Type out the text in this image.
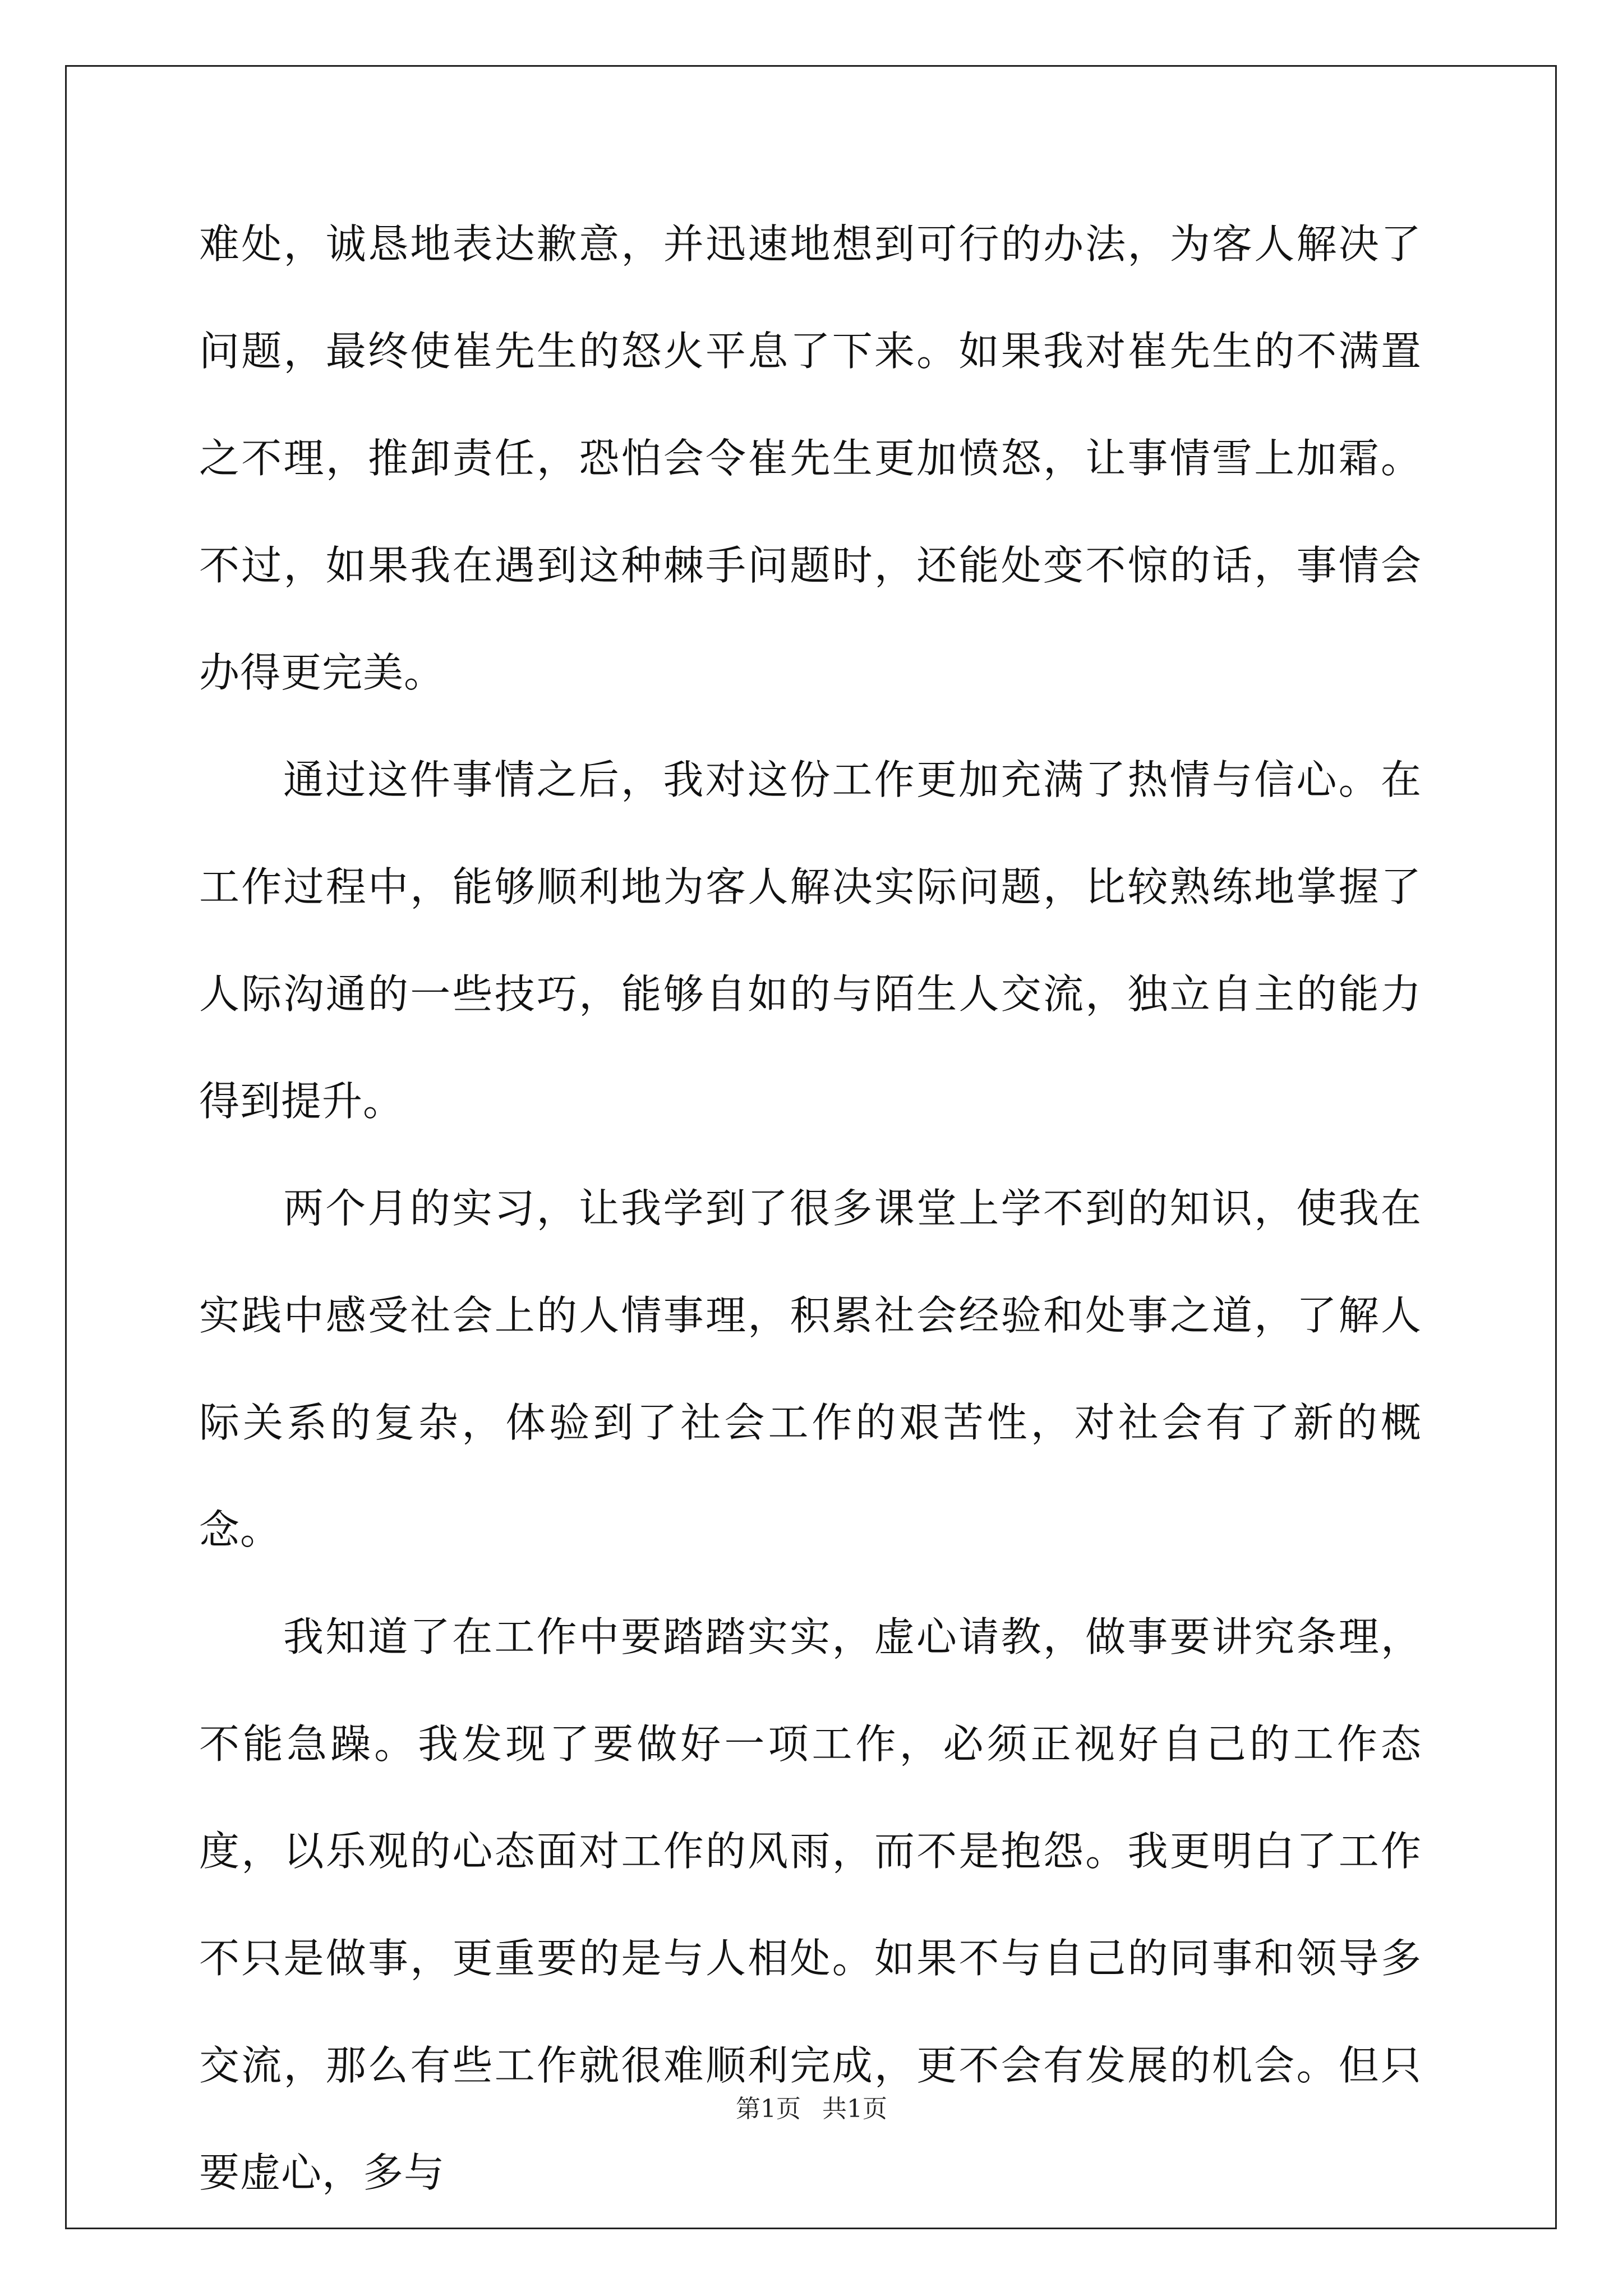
难处，诚恳地表达歉意，并迅速地想到可行的办法，为客人解决了问题，最终使崔先生的怒火平息了下来。如果我对崔先生的不满置之不理，推卸责任，恐怕会令崔先生更加愤怒，让事情雪上加霜。不过，如果我在遇到这种棘手问题时，还能处变不惊的话，事情会办得更完美。

通过这件事情之后，我对这份工作更加充满了热情与信心。在工作过程中，能够顺利地为客人解决实际问题，比较熟练地掌握了人际沟通的一些技巧，能够自如的与陌生人交流，独立自主的能力得到提升。

两个月的实习，让我学到了很多课堂上学不到的知识，使我在实践中感受社会上的人情事理，积累社会经验和处事之道，了解人际关系的复杂，体验到了社会工作的艰苦性，对社会有了新的概念。

我知道了在工作中要踏踏实实，虚心请教，做事要讲究条理，不能急躁。我发现了要做好一项工作，必须正视好自己的工作态度，以乐观的心态面对工作的风雨，而不是抱怨。我更明白了工作不只是做事，更重要的是与人相处。如果不与自己的同事和领导多交流，那么有些工作就很难顺利完成，更不会有发展的机会。但只要虚心，多与

第1页 共1页
